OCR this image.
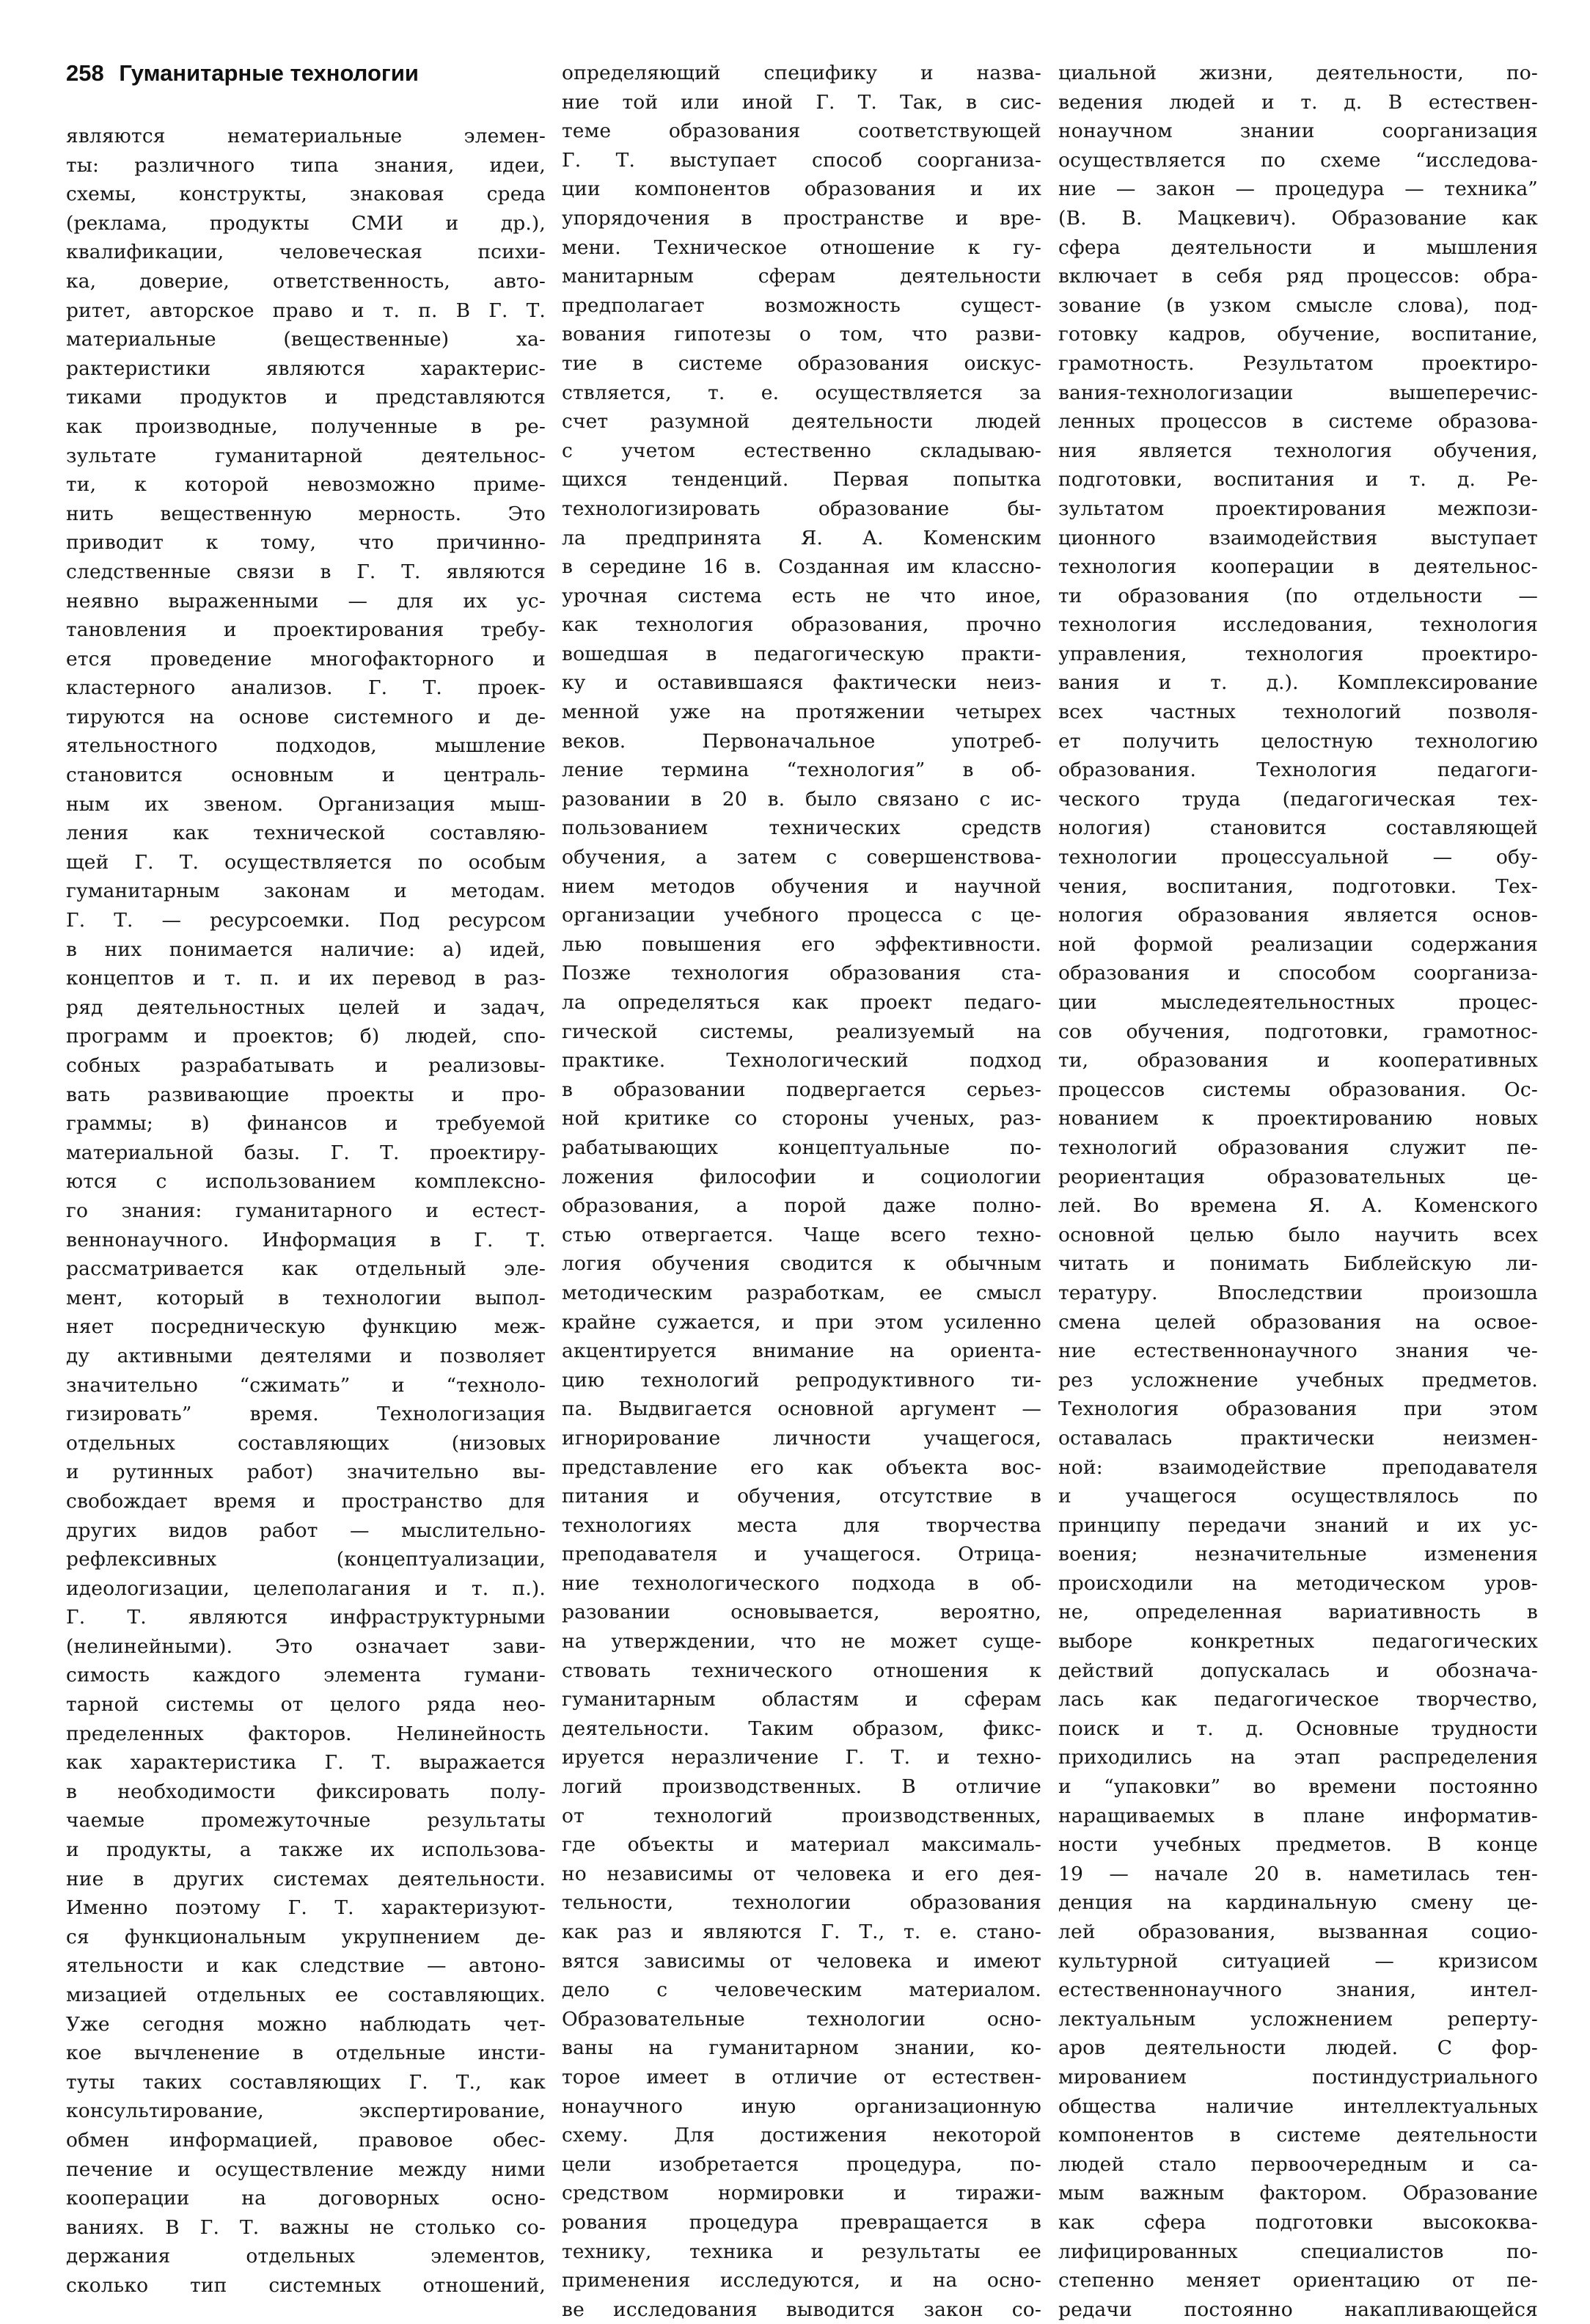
258 Гуманитарные технологии
являются нематериальные элемен-
ты: различного типа знания, идеи,
схемы, конструкты, знаковая среда
(реклама, продукты СМИ и др.),
квалификации, человеческая психи-
ка, доверие, ответственность, авто-
ритет, авторское право и т. п. В Г. Т.
материальные (вещественные) ха-
рактеристики являются характерис-
тиками продуктов и представляются
как производные, полученные в ре-
зультате гуманитарной деятельнос-
ти, к которой невозможно приме-
нить вещественную мерность. Это
приводит к тому, что причинно-
следственные связи в Г. Т. являются
неявно выраженными — для их ус-
тановления и проектирования требу-
ется проведение многофакторного и
кластерного анализов. Г. Т. проек-
тируются на основе системного и де-
ятельностного подходов, мышление
становится основным и централь-
ным их звеном. Организация мыш-
ления как технической составляю-
щей Г. Т. осуществляется по особым
гуманитарным законам и методам.
Г. Т. — ресурсоемки. Под ресурсом
в них понимается наличие: а) идей,
концептов и т. п. и их перевод в раз-
ряд деятельностных целей и задач,
программ и проектов; б) людей, спо-
собных разрабатывать и реализовы-
вать развивающие проекты и про-
граммы; в) финансов и требуемой
материальной базы. Г. Т. проектиру-
ются с использованием комплексно-
го знания: гуманитарного и естест-
веннонаучного. Информация в Г. Т.
рассматривается как отдельный эле-
мент, который в технологии выпол-
няет посредническую функцию меж-
ду активными деятелями и позволяет
значительно “сжимать” и “техноло-
гизировать” время. Технологизация
отдельных составляющих (низовых
и рутинных работ) значительно вы-
свобождает время и пространство для
других видов работ — мыслительно-
рефлексивных (концептуализации,
идеологизации, целеполагания и т. п.).
Г. Т. являются инфраструктурными
(нелинейными). Это означает зави-
симость каждого элемента гумани-
тарной системы от целого ряда нео-
пределенных факторов. Нелинейность
как характеристика Г. Т. выражается
в необходимости фиксировать полу-
чаемые промежуточные результаты
и продукты, а также их использова-
ние в других системах деятельности.
Именно поэтому Г. Т. характеризуют-
ся функциональным укрупнением де-
ятельности и как следствие — автоно-
мизацией отдельных ее составляющих.
Уже сегодня можно наблюдать чет-
кое вычленение в отдельные инсти-
туты таких составляющих Г. Т., как
консультирование, экспертирование,
обмен информацией, правовое обес-
печение и осуществление между ними
кооперации на договорных осно-
ваниях. В Г. Т. важны не столько со-
держания отдельных элементов,
сколько тип системных отношений,
определяющий специфику и назва-
ние той или иной Г. Т. Так, в сис-
теме образования соответствующей
Г. Т. выступает способ соорганиза-
ции компонентов образования и их
упорядочения в пространстве и вре-
мени. Техническое отношение к гу-
манитарным сферам деятельности
предполагает возможность сущест-
вования гипотезы о том, что разви-
тие в системе образования оискус-
ствляется, т. е. осуществляется за
счет разумной деятельности людей
с учетом естественно складываю-
щихся тенденций. Первая попытка
технологизировать образование бы-
ла предпринята Я. А. Коменским
в середине 16 в. Созданная им классно-
урочная система есть не что иное,
как технология образования, прочно
вошедшая в педагогическую практи-
ку и оставившаяся фактически неиз-
менной уже на протяжении четырех
веков. Первоначальное употреб-
ление термина “технология” в об-
разовании в 20 в. было связано с ис-
пользованием технических средств
обучения, а затем с совершенствова-
нием методов обучения и научной
организации учебного процесса с це-
лью повышения его эффективности.
Позже технология образования ста-
ла определяться как проект педаго-
гической системы, реализуемый на
практике. Технологический подход
в образовании подвергается серьез-
ной критике со стороны ученых, раз-
рабатывающих концептуальные по-
ложения философии и социологии
образования, а порой даже полно-
стью отвергается. Чаще всего техно-
логия обучения сводится к обычным
методическим разработкам, ее смысл
крайне сужается, и при этом усиленно
акцентируется внимание на ориента-
цию технологий репродуктивного ти-
па. Выдвигается основной аргумент —
игнорирование личности учащегося,
представление его как объекта вос-
питания и обучения, отсутствие в
технологиях места для творчества
преподавателя и учащегося. Отрица-
ние технологического подхода в об-
разовании основывается, вероятно,
на утверждении, что не может суще-
ствовать технического отношения к
гуманитарным областям и сферам
деятельности. Таким образом, фикс-
ируется неразличение Г. Т. и техно-
логий производственных. В отличие
от технологий производственных,
где объекты и материал максималь-
но независимы от человека и его дея-
тельности, технологии образования
как раз и являются Г. Т., т. е. стано-
вятся зависимы от человека и имеют
дело с человеческим материалом.
Образовательные технологии осно-
ваны на гуманитарном знании, ко-
торое имеет в отличие от естествен-
нонаучного иную организационную
схему. Для достижения некоторой
цели изобретается процедура, по-
средством нормировки и тиражи-
рования процедура превращается в
технику, техника и результаты ее
применения исследуются, и на осно-
ве исследования выводится закон со-
циальной жизни, деятельности, по-
ведения людей и т. д. В естествен-
нонаучном знании соорганизация
осуществляется по схеме “исследова-
ние — закон — процедура — техника”
(В. В. Мацкевич). Образование как
сфера деятельности и мышления
включает в себя ряд процессов: обра-
зование (в узком смысле слова), под-
готовку кадров, обучение, воспитание,
грамотность. Результатом проектиро-
вания-технологизации вышеперечис-
ленных процессов в системе образова-
ния является технология обучения,
подготовки, воспитания и т. д. Ре-
зультатом проектирования межпози-
ционного взаимодействия выступает
технология кооперации в деятельнос-
ти образования (по отдельности —
технология исследования, технология
управления, технология проектиро-
вания и т. д.). Комплексирование
всех частных технологий позволя-
ет получить целостную технологию
образования. Технология педагоги-
ческого труда (педагогическая тех-
нология) становится составляющей
технологии процессуальной — обу-
чения, воспитания, подготовки. Тех-
нология образования является основ-
ной формой реализации содержания
образования и способом соорганиза-
ции мыследеятельностных процес-
сов обучения, подготовки, грамотнос-
ти, образования и кооперативных
процессов системы образования. Ос-
нованием к проектированию новых
технологий образования служит пе-
реориентация образовательных це-
лей. Во времена Я. А. Коменского
основной целью было научить всех
читать и понимать Библейскую ли-
тературу. Впоследствии произошла
смена целей образования на освое-
ние естественнонаучного знания че-
рез усложнение учебных предметов.
Технология образования при этом
оставалась практически неизмен-
ной: взаимодействие преподавателя
и учащегося осуществлялось по
принципу передачи знаний и их ус-
воения; незначительные изменения
происходили на методическом уров-
не, определенная вариативность в
выборе конкретных педагогических
действий допускалась и обознача-
лась как педагогическое творчество,
поиск и т. д. Основные трудности
приходились на этап распределения
и “упаковки” во времени постоянно
наращиваемых в плане информатив-
ности учебных предметов. В конце
19 — начале 20 в. наметилась тен-
денция на кардинальную смену це-
лей образования, вызванная социо-
культурной ситуацией — кризисом
естественнонаучного знания, интел-
лектуальным усложнением реперту-
аров деятельности людей. С фор-
мированием постиндустриального
общества наличие интеллектуальных
компонентов в системе деятельности
людей стало первоочередным и са-
мым важным фактором. Образование
как сфера подготовки высококва-
лифицированных специалистов по-
степенно меняет ориентацию от пе-
редачи постоянно накапливающейся
